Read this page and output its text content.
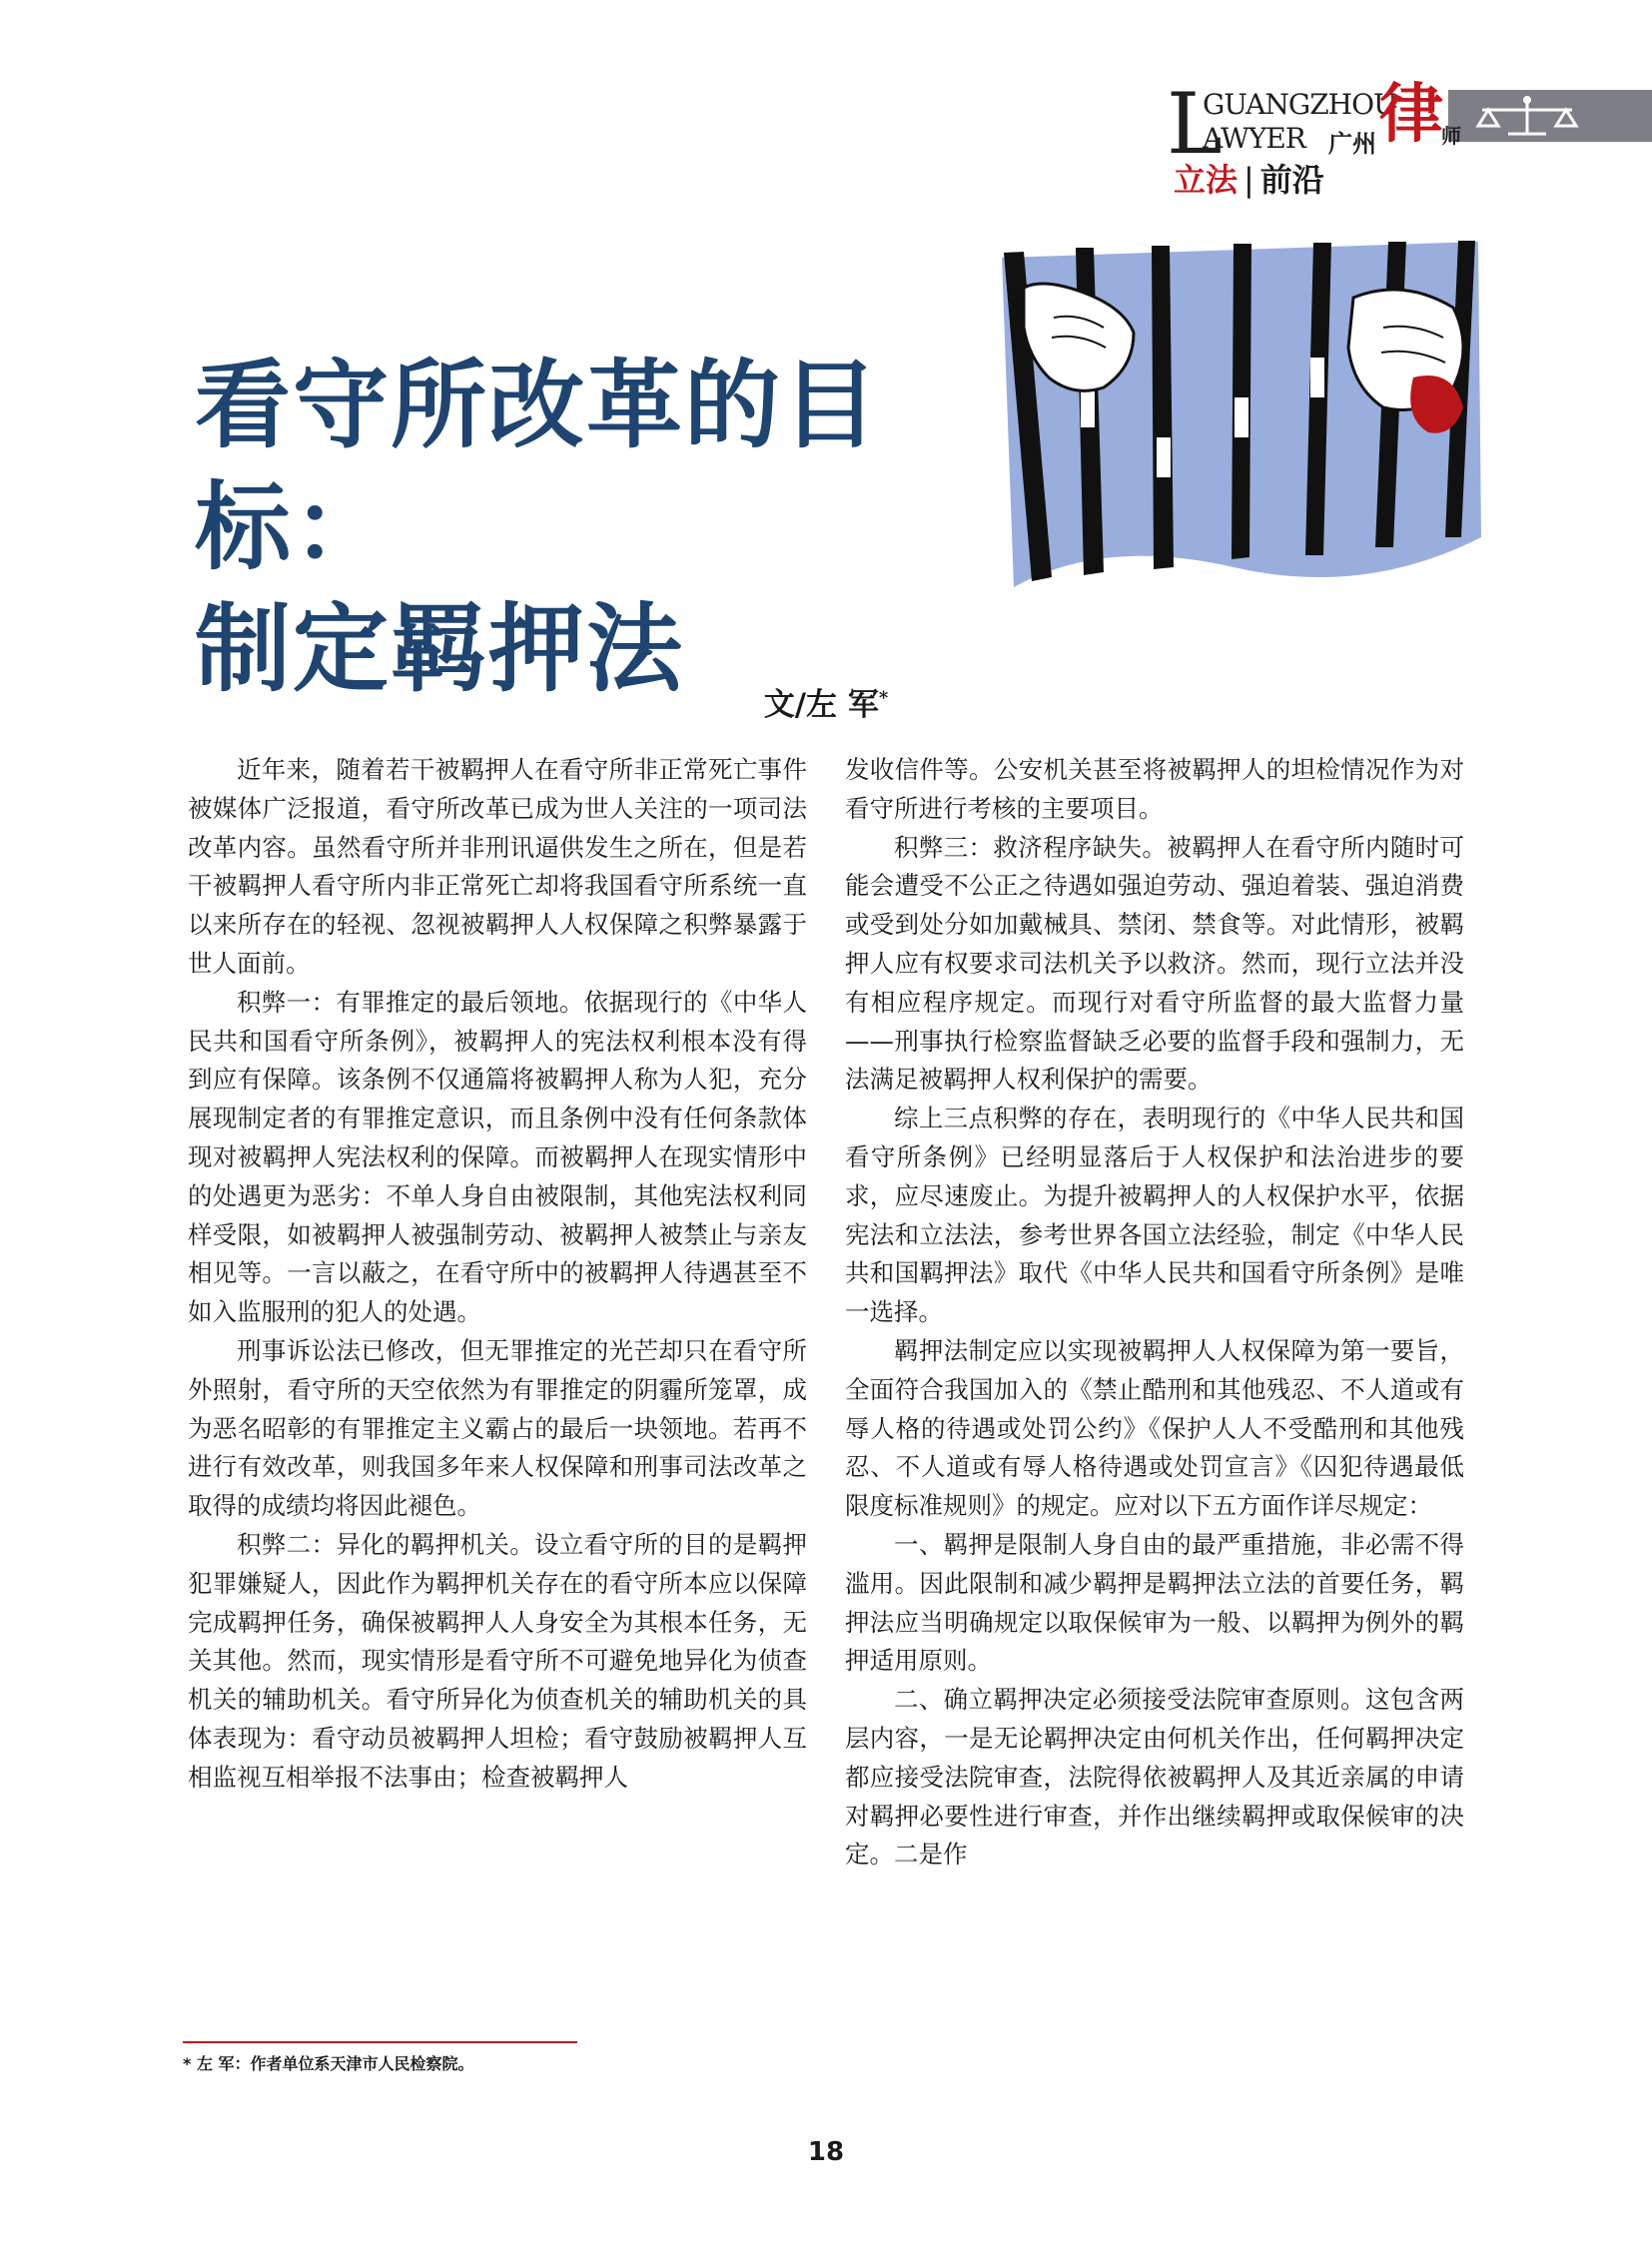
L
GUANGZHOU
AWYER 广州 律
师
立法 | 前沿
看守所改革的目标：
制定羁押法	文/左 军*

近年来，随着若干被羁押人在看守所非正常死亡事件被媒体广泛报道，看守所改革已成为世人关注的一项司法改革内容。虽然看守所并非刑讯逼供发生之所在，但是若干被羁押人看守所内非正常死亡却将我国看守所系统一直以来所存在的轻视、忽视被羁押人人权保障之积弊暴露于世人面前。

积弊一：有罪推定的最后领地。依据现行的《中华人民共和国看守所条例》，被羁押人的宪法权利根本没有得到应有保障。该条例不仅通篇将被羁押人称为人犯，充分展现制定者的有罪推定意识，而且条例中没有任何条款体现对被羁押人宪法权利的保障。而被羁押人在现实情形中的处遇更为恶劣：不单人身自由被限制，其他宪法权利同样受限，如被羁押人被强制劳动、被羁押人被禁止与亲友相见等。一言以蔽之，在看守所中的被羁押人待遇甚至不如入监服刑的犯人的处遇。

刑事诉讼法已修改，但无罪推定的光芒却只在看守所外照射，看守所的天空依然为有罪推定的阴霾所笼罩，成为恶名昭彰的有罪推定主义霸占的最后一块领地。若再不进行有效改革，则我国多年来人权保障和刑事司法改革之取得的成绩均将因此褪色。

积弊二：异化的羁押机关。设立看守所的目的是羁押犯罪嫌疑人，因此作为羁押机关存在的看守所本应以保障完成羁押任务，确保被羁押人人身安全为其根本任务，无关其他。然而，现实情形是看守所不可避免地异化为侦查机关的辅助机关。看守所异化为侦查机关的辅助机关的具体表现为：看守动员被羁押人坦检；看守鼓励被羁押人互相监视互相举报不法事由；检查被羁押人

发收信件等。公安机关甚至将被羁押人的坦检情况作为对看守所进行考核的主要项目。

积弊三：救济程序缺失。被羁押人在看守所内随时可能会遭受不公正之待遇如强迫劳动、强迫着装、强迫消费或受到处分如加戴械具、禁闭、禁食等。对此情形，被羁押人应有权要求司法机关予以救济。然而，现行立法并没有相应程序规定。而现行对看守所监督的最大监督力量——刑事执行检察监督缺乏必要的监督手段和强制力，无法满足被羁押人权利保护的需要。

综上三点积弊的存在，表明现行的《中华人民共和国看守所条例》已经明显落后于人权保护和法治进步的要求，应尽速废止。为提升被羁押人的人权保护水平，依据宪法和立法法，参考世界各国立法经验，制定《中华人民共和国羁押法》取代《中华人民共和国看守所条例》是唯一选择。

羁押法制定应以实现被羁押人人权保障为第一要旨，全面符合我国加入的《禁止酷刑和其他残忍、不人道或有辱人格的待遇或处罚公约》《保护人人不受酷刑和其他残忍、不人道或有辱人格待遇或处罚宣言》《囚犯待遇最低限度标准规则》的规定。应对以下五方面作详尽规定：

一、羁押是限制人身自由的最严重措施，非必需不得滥用。因此限制和减少羁押是羁押法立法的首要任务，羁押法应当明确规定以取保候审为一般、以羁押为例外的羁押适用原则。

二、确立羁押决定必须接受法院审查原则。这包含两层内容，一是无论羁押决定由何机关作出，任何羁押决定都应接受法院审查，法院得依被羁押人及其近亲属的申请对羁押必要性进行审查，并作出继续羁押或取保候审的决定。二是作

* 左 军：作者单位系天津市人民检察院。
18
